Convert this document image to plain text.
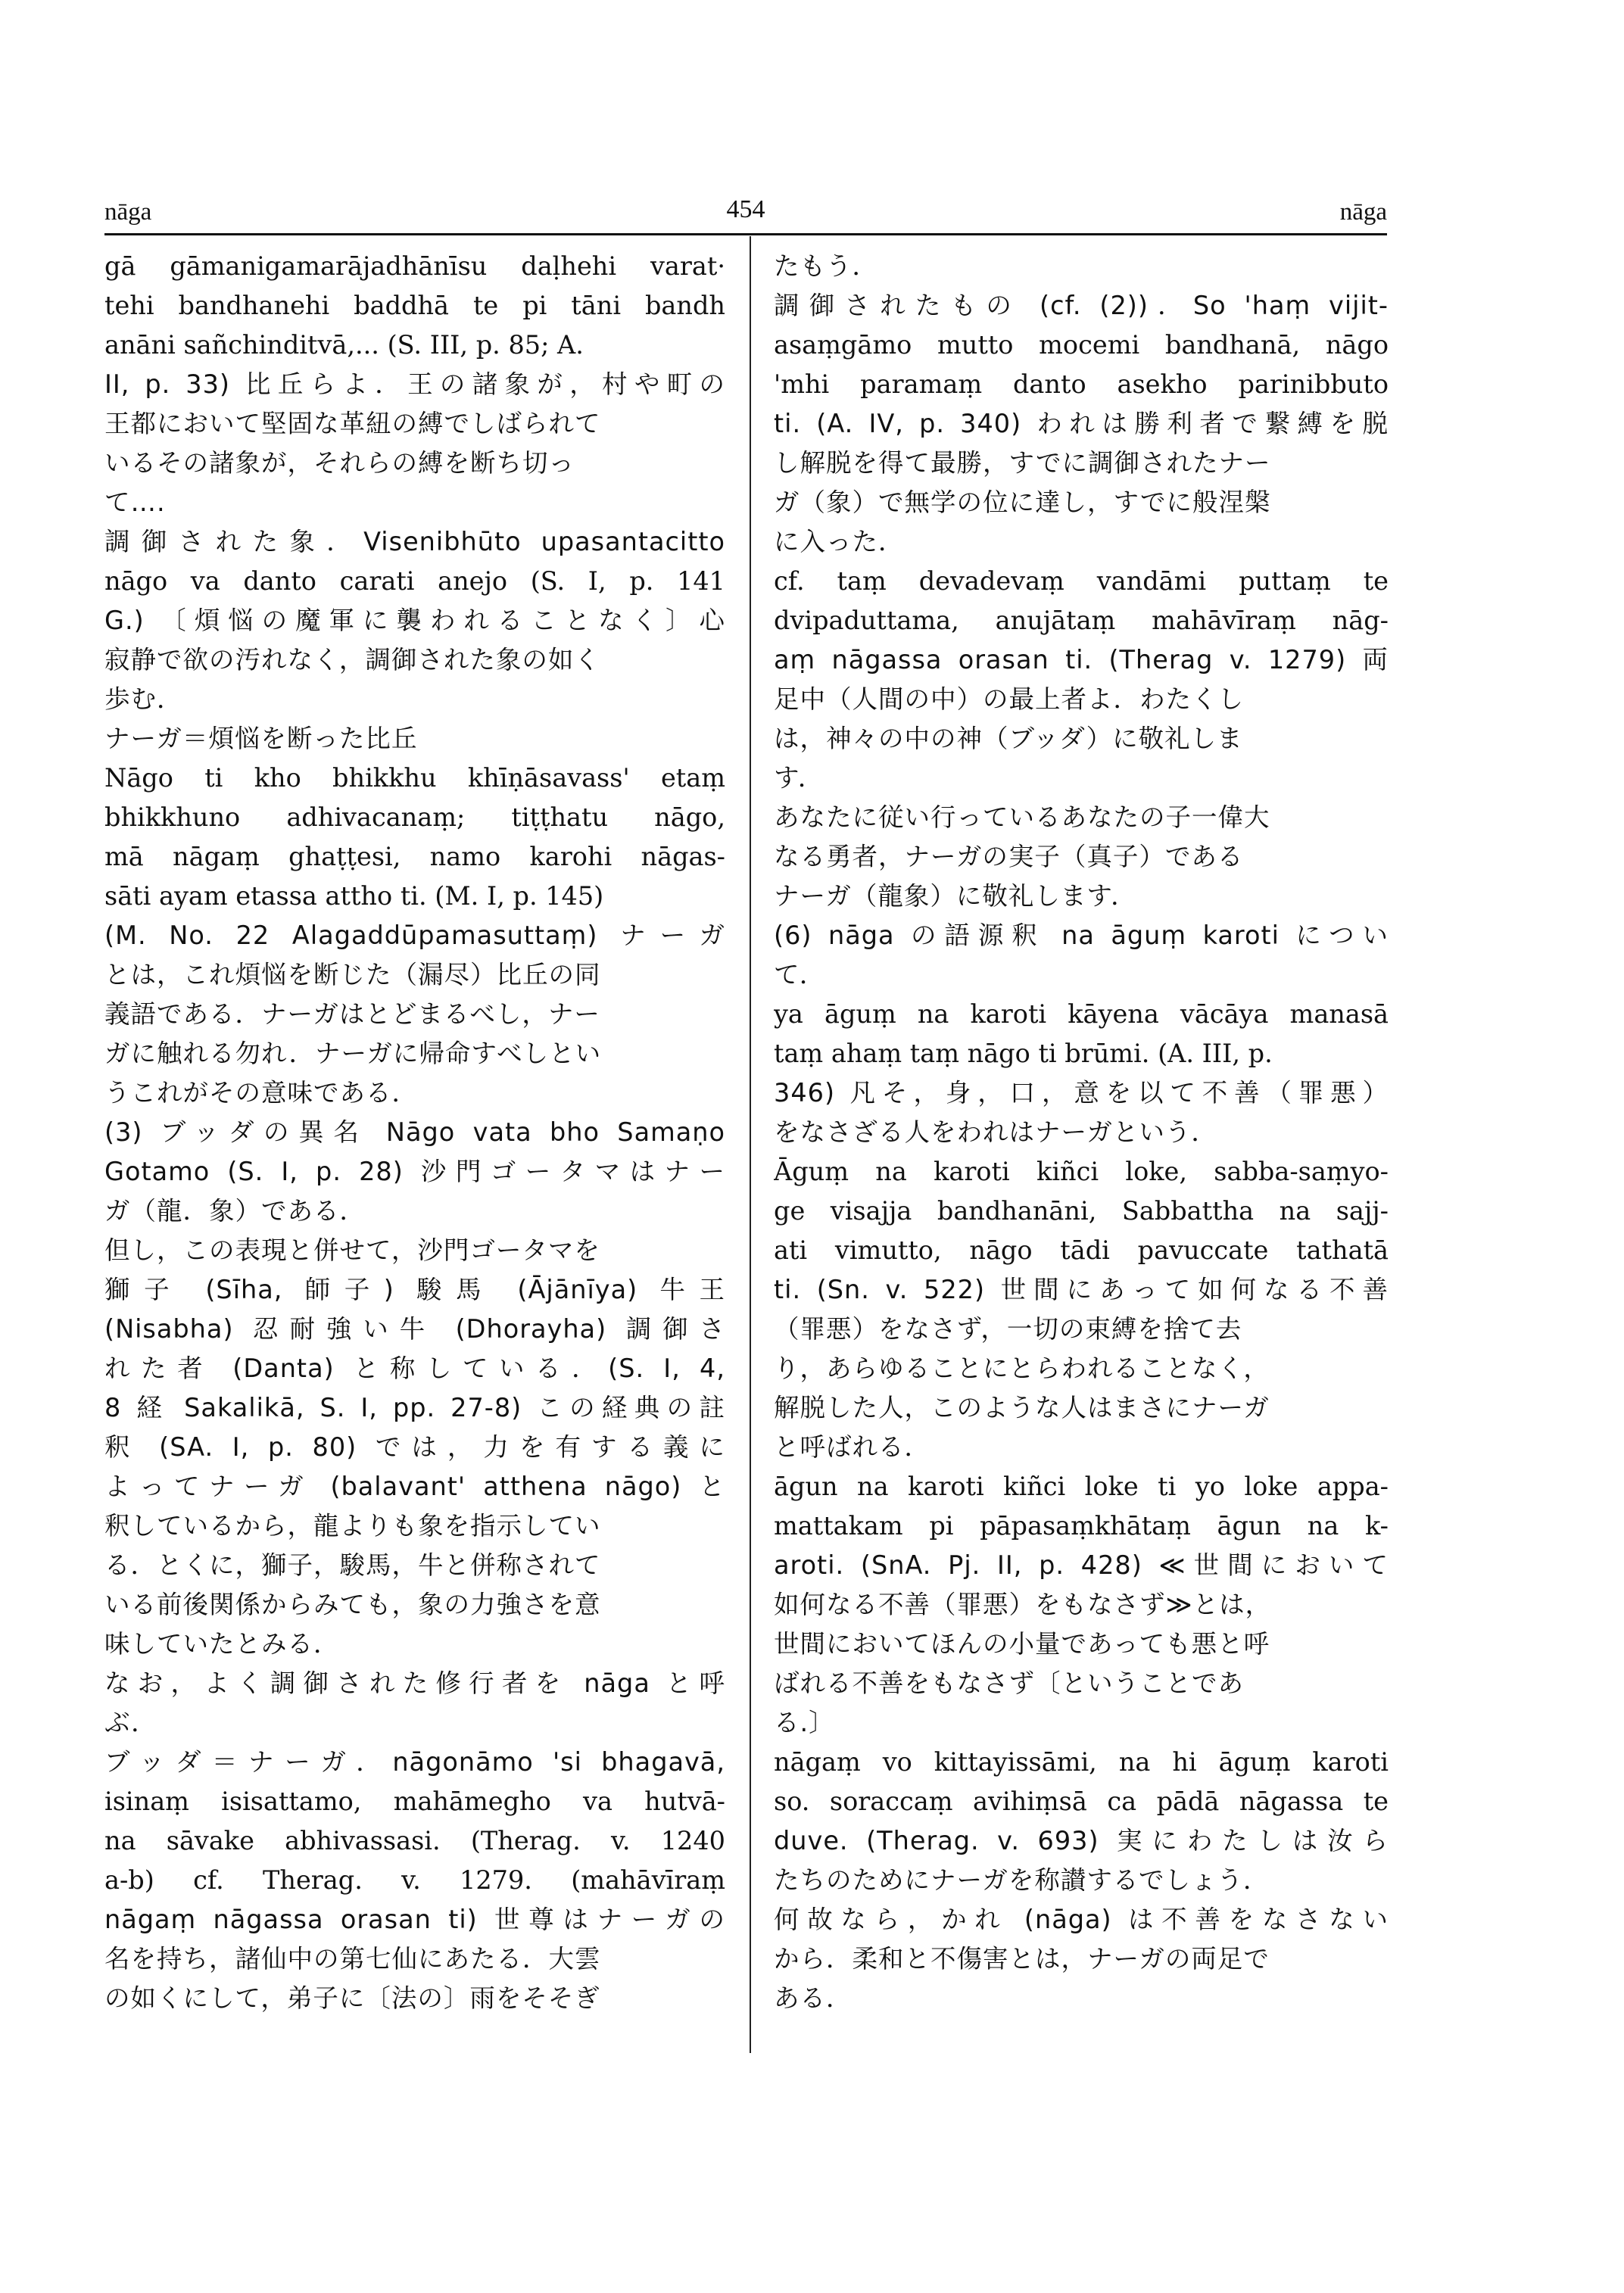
nāga	454	nāga
gā gāmanigamarājadhānīsu daḷhehi varat·
tehi bandhanehi baddhā te pi tāni bandh
anāni sañchinditvā,... (S. III, p. 85; A.
II, p. 33) 比丘らよ．王の諸象が，村や町の
王都において堅固な革紐の縛でしばられて
いるその諸象が，それらの縛を断ち切っ
て….
調御された象．Visenibhūto upasantacitto
nāgo va danto carati anejo (S. I, p. 141
G.) 〔煩悩の魔軍に襲われることなく〕心
寂静で欲の汚れなく，調御された象の如く
歩む．
ナーガ＝煩悩を断った比丘
Nāgo ti kho bhikkhu khīṇāsavass' etaṃ
bhikkhuno adhivacanaṃ; tiṭṭhatu nāgo,
mā nāgaṃ ghaṭṭesi, namo karohi nāgas-
sāti ayam etassa attho ti. (M. I, p. 145)
(M. No. 22 Alagaddūpamasuttaṃ) ナーガ
とは，これ煩悩を断じた（漏尽）比丘の同
義語である．ナーガはとどまるべし，ナー
ガに触れる勿れ．ナーガに帰命すべしとい
うこれがその意味である．
(3) ブッダの異名 Nāgo vata bho Samaṇo
Gotamo (S. I, p. 28) 沙門ゴータマはナー
ガ（龍．象）である．
但し，この表現と併せて，沙門ゴータマを
獅子 (Sīha, 師子) 駿馬 (Ājānīya) 牛王
(Nisabha) 忍耐強い牛 (Dhorayha) 調御さ
れた者 (Danta) と称している．(S. I, 4,
8 経 Sakalikā, S. I, pp. 27-8) この経典の註
釈 (SA. I, p. 80) では，力を有する義に
よってナーガ (balavant' atthena nāgo) と
釈しているから，龍よりも象を指示してい
る．とくに，獅子，駿馬，牛と併称されて
いる前後関係からみても，象の力強さを意
味していたとみる．
なお，よく調御された修行者を nāga と呼
ぶ．
ブッダ＝ナーガ．nāgonāmo 'si bhagavā,
isinaṃ isisattamo, mahāmegho va hutvā-
na sāvake abhivassasi. (Therag. v. 1240
a-b) cf. Therag. v. 1279. (mahāvīraṃ
nāgaṃ nāgassa orasan ti) 世尊はナーガの
名を持ち，諸仙中の第七仙にあたる．大雲
の如くにして，弟子に〔法の〕雨をそそぎ
たもう．
調御されたもの (cf. (2))．So 'haṃ vijit-
asaṃgāmo mutto mocemi bandhanā, nāgo
'mhi paramaṃ danto asekho parinibbuto
ti. (A. IV, p. 340) われは勝利者で繋縛を脱
し解脱を得て最勝，すでに調御されたナー
ガ（象）で無学の位に達し，すでに般涅槃
に入った．
cf. taṃ devadevaṃ vandāmi puttaṃ te
dvipaduttama, anujātaṃ mahāvīraṃ nāg-
aṃ nāgassa orasan ti. (Therag v. 1279) 両
足中（人間の中）の最上者よ．わたくし
は，神々の中の神（ブッダ）に敬礼しま
す．
あなたに従い行っているあなたの子一偉大
なる勇者，ナーガの実子（真子）である
ナーガ（龍象）に敬礼します．
(6) nāga の語源釈 na āguṃ karoti につい
て．
ya āguṃ na karoti kāyena vācāya manasā
taṃ ahaṃ taṃ nāgo ti brūmi. (A. III, p.
346) 凡そ，身，口，意を以て不善（罪悪）
をなさざる人をわれはナーガという．
Āguṃ na karoti kiñci loke, sabba-saṃyo-
ge visajja bandhanāni, Sabbattha na sajj-
ati vimutto, nāgo tādi pavuccate tathatā
ti. (Sn. v. 522) 世間にあって如何なる不善
（罪悪）をなさず，一切の束縛を捨て去
り，あらゆることにとらわれることなく，
解脱した人，このような人はまさにナーガ
と呼ばれる．
āgun na karoti kiñci loke ti yo loke appa-
mattakam pi pāpasaṃkhātaṃ āgun na k-
aroti. (SnA. Pj. II, p. 428) ≪世間において
如何なる不善（罪悪）をもなさず≫とは，
世間においてほんの小量であっても悪と呼
ばれる不善をもなさず〔ということであ
る.〕
nāgaṃ vo kittayissāmi, na hi āguṃ karoti
so. soraccaṃ avihiṃsā ca pādā nāgassa te
duve. (Therag. v. 693) 実にわたしは汝ら
たちのためにナーガを称讃するでしょう．
何故なら，かれ (nāga) は不善をなさない
から．柔和と不傷害とは，ナーガの両足で
ある．
